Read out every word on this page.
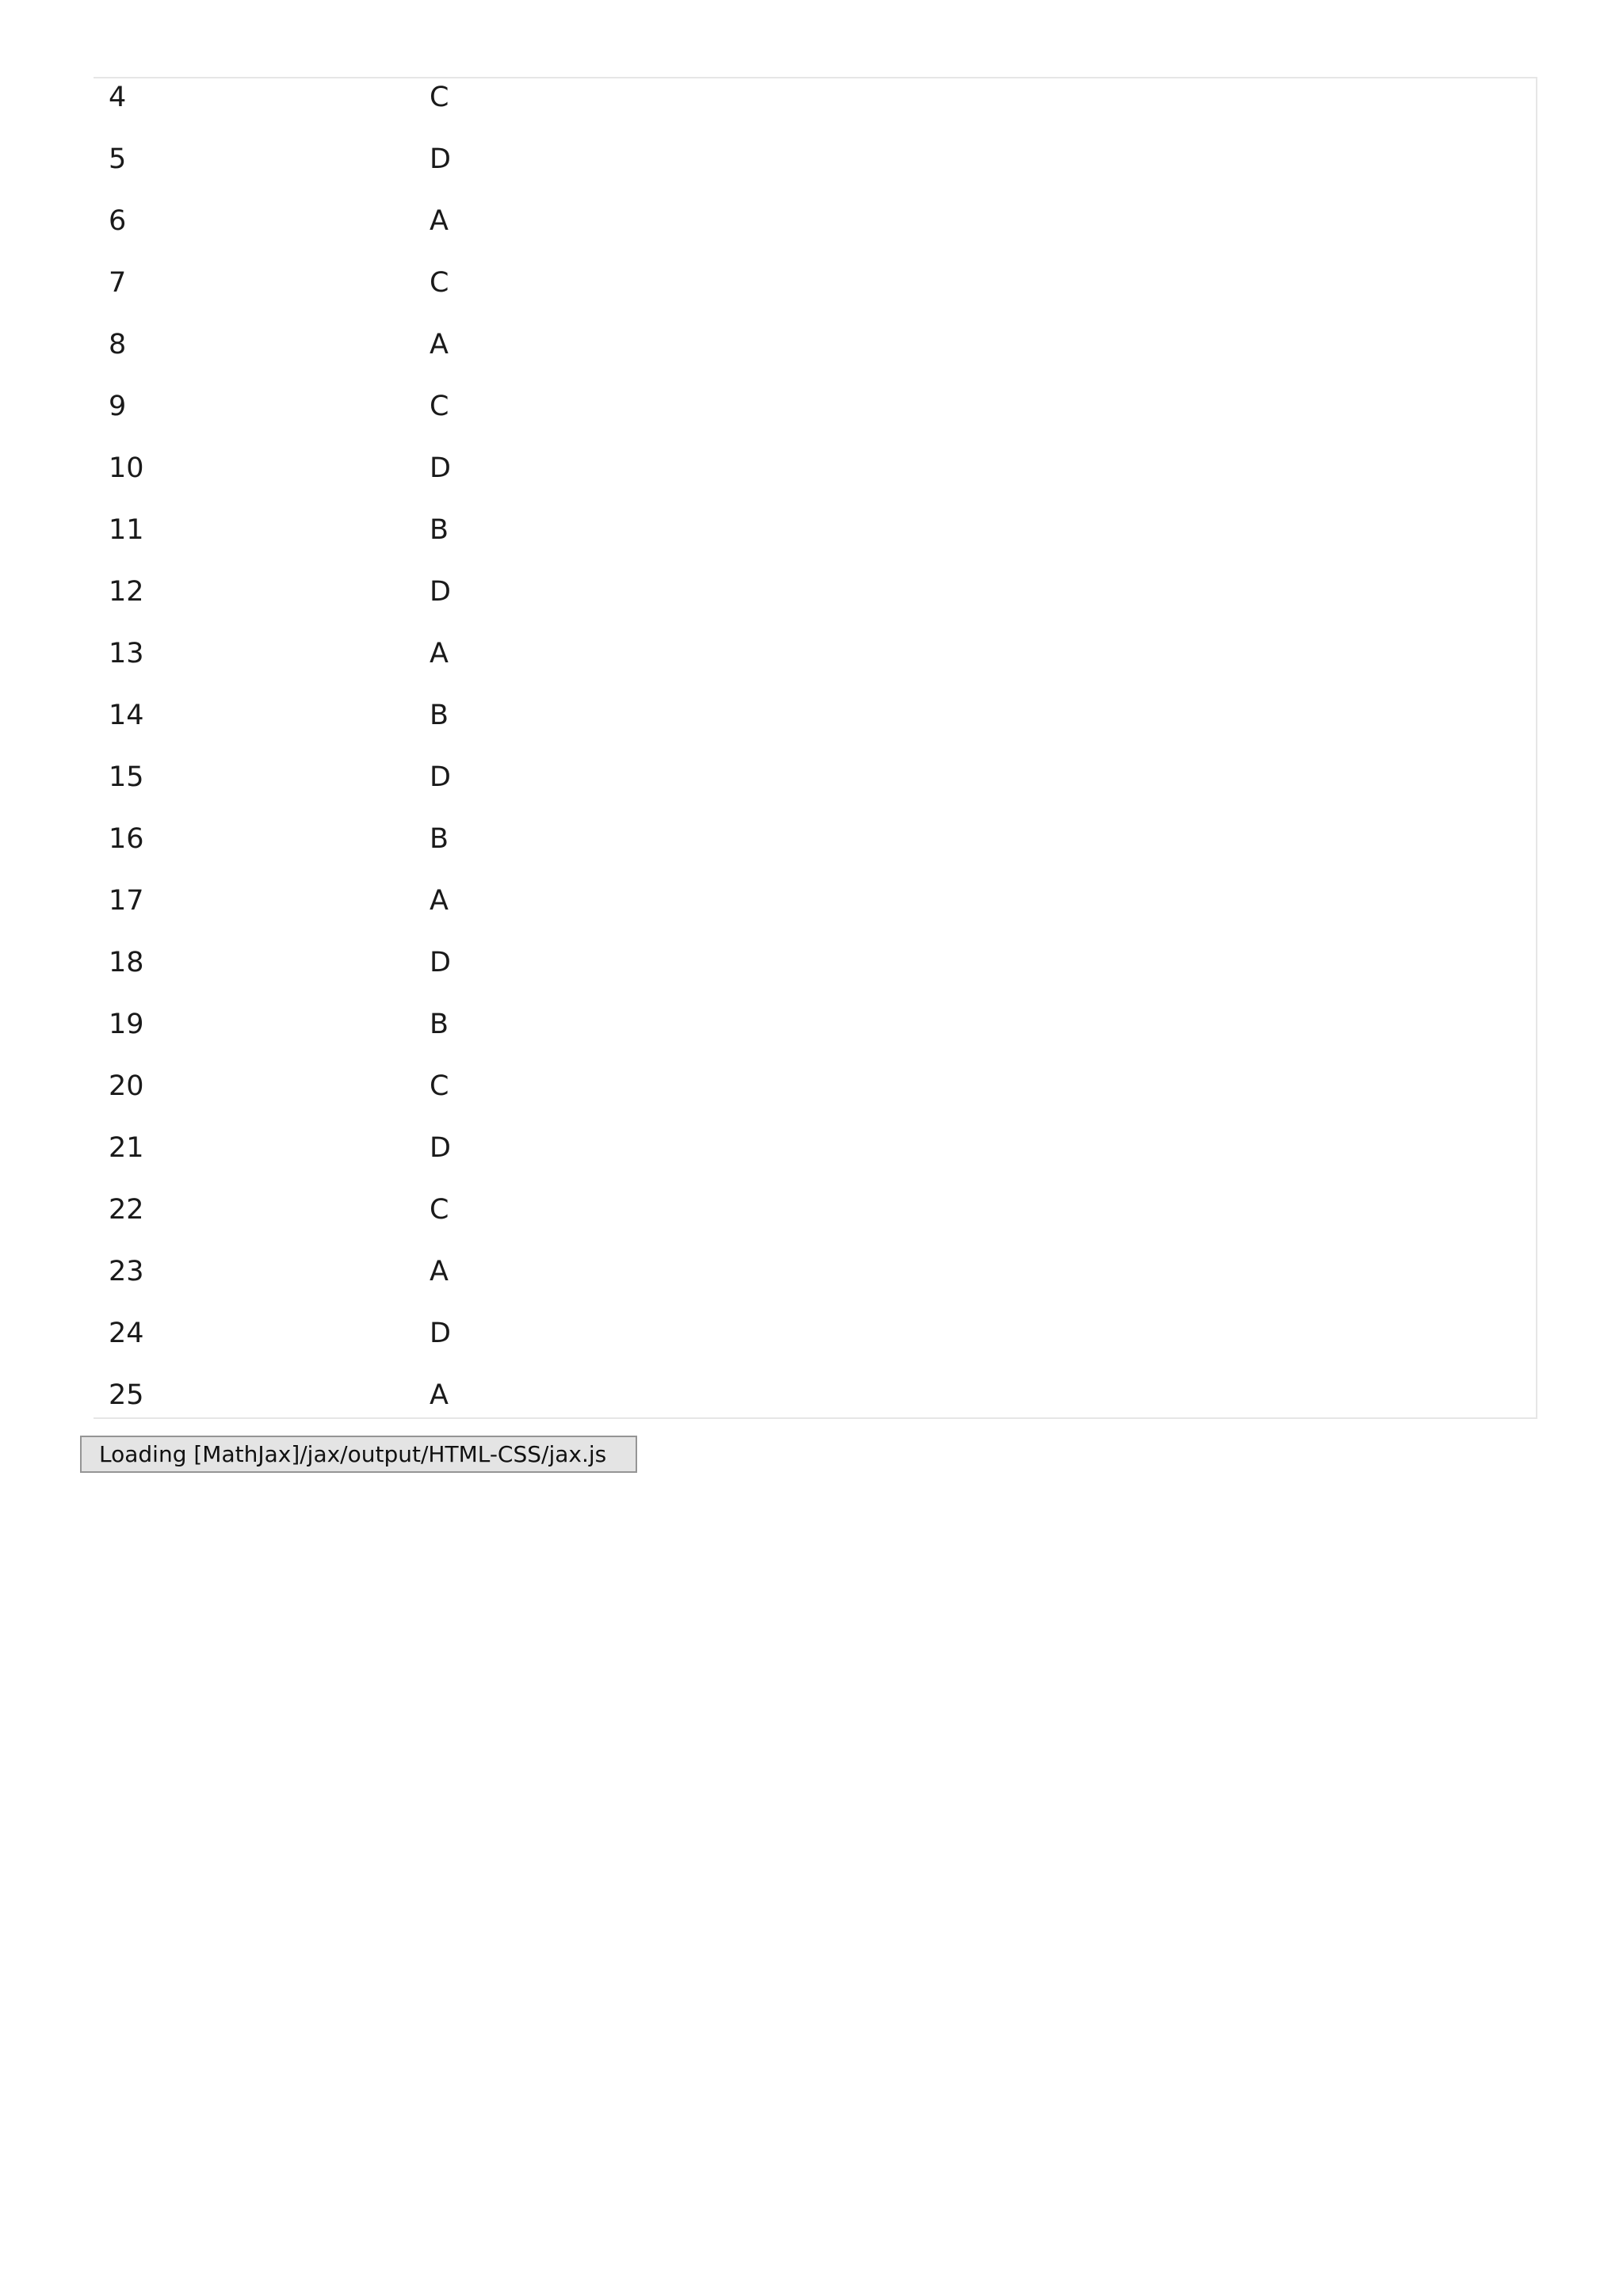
4	C
5	D
6	A
7	C
8	A
9	C
10	D
11	B
12	D
13	A
14	B
15	D
16	B
17	A
18	D
19	B
20	C
21	D
22	C
23	A
24	D
25	A
Loading [MathJax]/jax/output/HTML-CSS/jax.js
